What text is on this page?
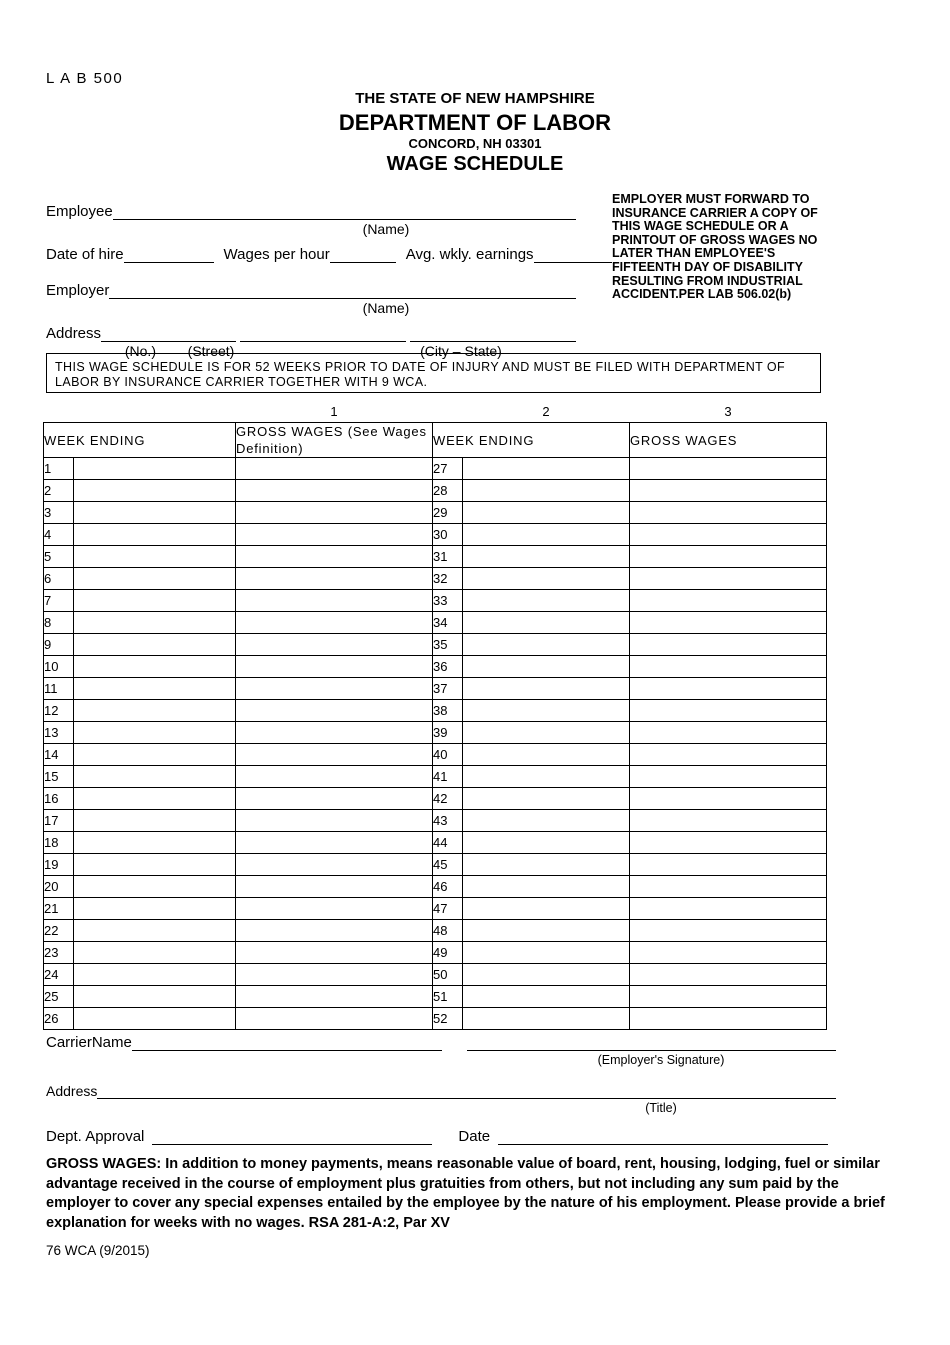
L A B 500
THE STATE OF NEW HAMPSHIRE
DEPARTMENT OF LABOR
CONCORD, NH 03301
WAGE SCHEDULE
Employee
(Name)
Date of hire	Wages per hour	Avg. wkly. earnings
Employer
(Name)
Address
(No.)	(Street)	(City – State)
EMPLOYER MUST FORWARD TO INSURANCE CARRIER A COPY OF THIS WAGE SCHEDULE OR A PRINTOUT OF GROSS WAGES NO LATER THAN EMPLOYEE'S FIFTEENTH DAY OF DISABILITY RESULTING FROM INDUSTRIAL ACCIDENT.PER LAB 506.02(b)
THIS WAGE SCHEDULE IS FOR 52 WEEKS PRIOR TO DATE OF INJURY AND MUST BE FILED WITH DEPARTMENT OF LABOR BY INSURANCE CARRIER TOGETHER WITH 9 WCA.
		1		2	3
WEEK ENDING		GROSS WAGES (See Wages Definition)	WEEK ENDING		GROSS WAGES
1			27		
2			28		
3			29		
4			30		
5			31		
6			32		
7			33		
8			34		
9			35		
10			36		
11			37		
12			38		
13			39		
14			40		
15			41		
16			42		
17			43		
18			44		
19			45		
20			46		
21			47		
22			48		
23			49		
24			50		
25			51		
26			52		
CarrierName
(Employer's Signature)
Address
(Title)
Dept. Approval	Date
GROSS WAGES: In addition to money payments, means reasonable value of board, rent, housing, lodging, fuel or similar advantage received in the course of employment plus gratuities from others, but not including any sum paid by the employer to cover any special expenses entailed by the employee by the nature of his employment. Please provide a brief explanation for weeks with no wages. RSA 281-A:2, Par XV
76 WCA (9/2015)
